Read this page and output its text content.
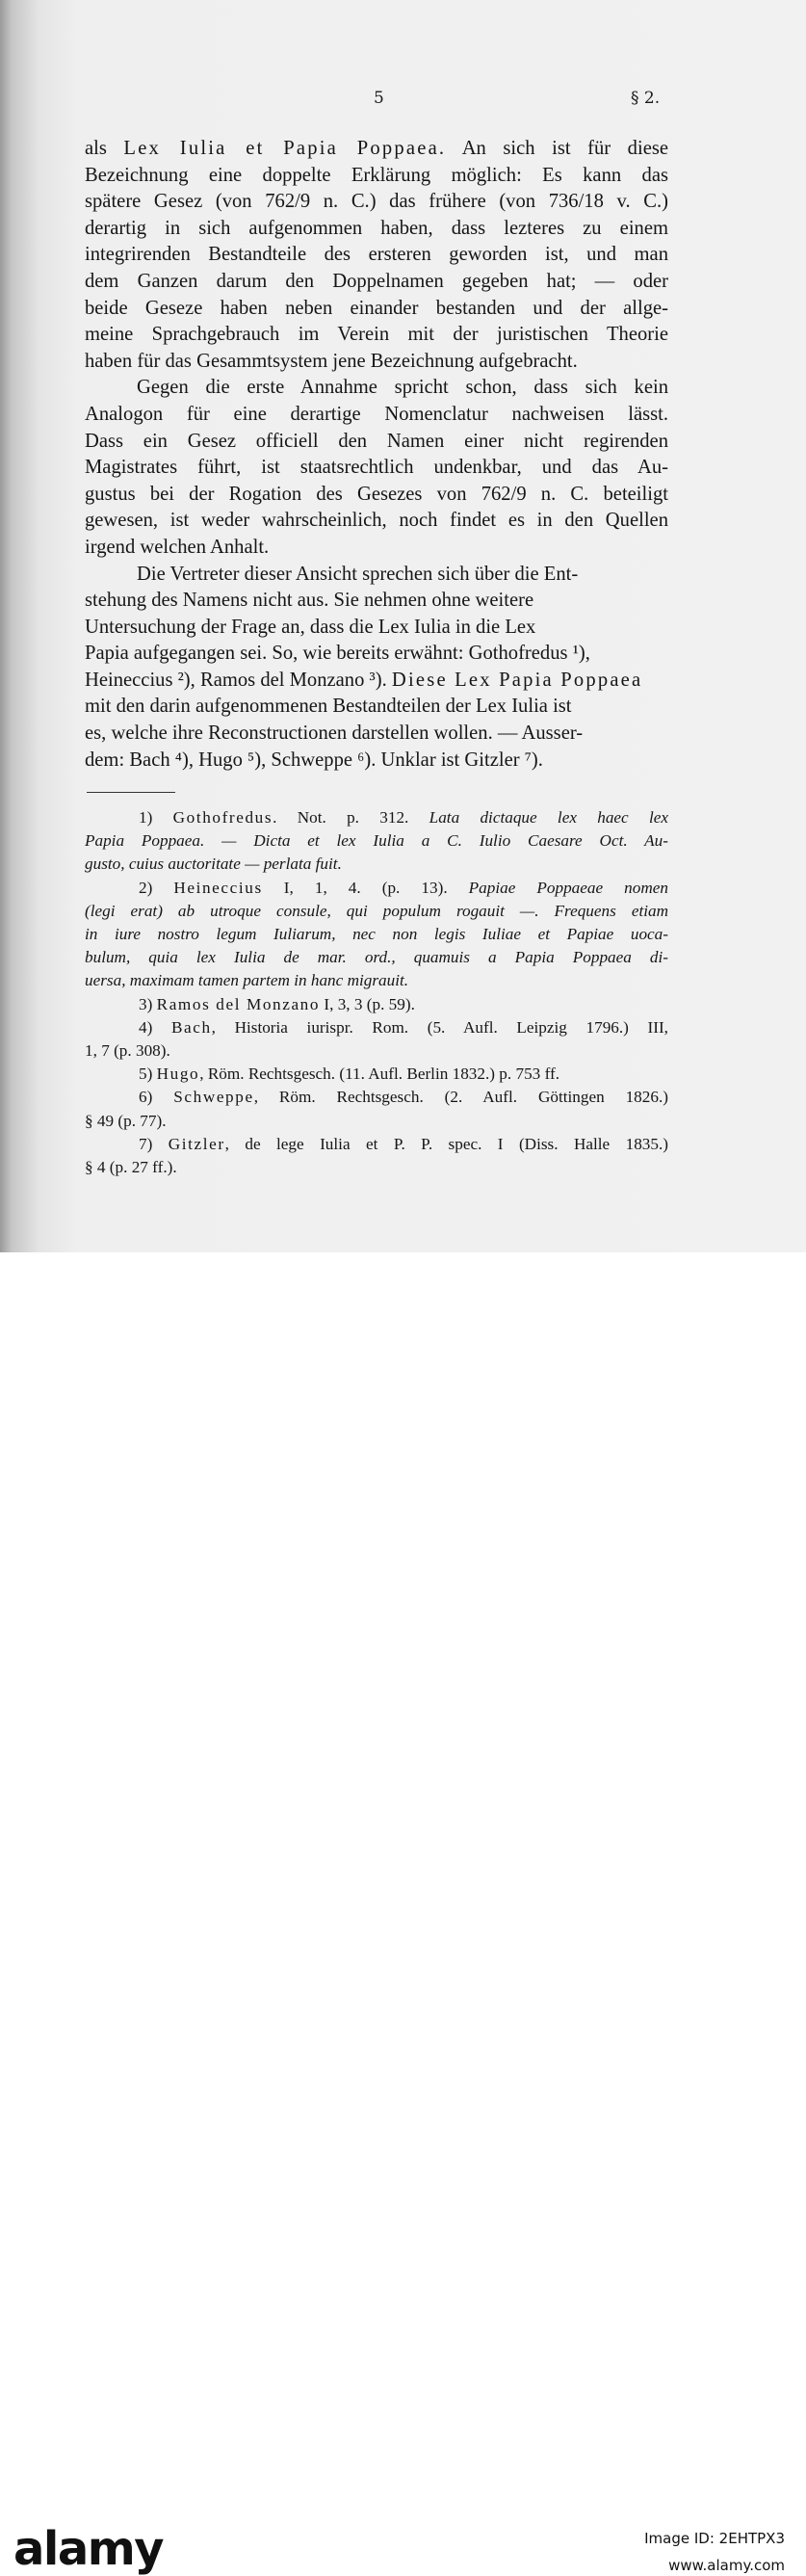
5	§ 2.
als Lex Iulia et Papia Poppaea. An sich ist für diese
Bezeichnung eine doppelte Erklärung möglich: Es kann das
spätere Gesez (von 762/9 n. C.) das frühere (von 736/18 v. C.)
derartig in sich aufgenommen haben, dass lezteres zu einem
integrirenden Bestandteile des ersteren geworden ist, und man
dem Ganzen darum den Doppelnamen gegeben hat; — oder
beide Geseze haben neben einander bestanden und der allge-
meine Sprachgebrauch im Verein mit der juristischen Theorie
haben für das Gesammtsystem jene Bezeichnung aufgebracht.
Gegen die erste Annahme spricht schon, dass sich kein
Analogon für eine derartige Nomenclatur nachweisen lässt.
Dass ein Gesez officiell den Namen einer nicht regirenden
Magistrates führt, ist staatsrechtlich undenkbar, und das Au-
gustus bei der Rogation des Gesezes von 762/9 n. C. beteiligt
gewesen, ist weder wahrscheinlich, noch findet es in den Quellen
irgend welchen Anhalt.
Die Vertreter dieser Ansicht sprechen sich über die Ent-
stehung des Namens nicht aus. Sie nehmen ohne weitere
Untersuchung der Frage an, dass die Lex Iulia in die Lex
Papia aufgegangen sei. So, wie bereits erwähnt: Gothofredus ¹),
Heineccius ²), Ramos del Monzano ³). Diese Lex Papia Poppaea
mit den darin aufgenommenen Bestandteilen der Lex Iulia ist
es, welche ihre Reconstructionen darstellen wollen. — Ausser-
dem: Bach ⁴), Hugo ⁵), Schweppe ⁶). Unklar ist Gitzler ⁷).
1) Gothofredus. Not. p. 312. Lata dictaque lex haec lex
Papia Poppaea. — Dicta et lex Iulia a C. Iulio Caesare Oct. Au-
gusto, cuius auctoritate — perlata fuit.
2) Heineccius I, 1, 4. (p. 13). Papiae Poppaeae nomen
(legi erat) ab utroque consule, qui populum rogauit —. Frequens etiam
in iure nostro legum Iuliarum, nec non legis Iuliae et Papiae uoca-
bulum, quia lex Iulia de mar. ord., quamuis a Papia Poppaea di-
uersa, maximam tamen partem in hanc migrauit.
3) Ramos del Monzano I, 3, 3 (p. 59).
4) Bach, Historia iurispr. Rom. (5. Aufl. Leipzig 1796.) III,
1, 7 (p. 308).
5) Hugo, Röm. Rechtsgesch. (11. Aufl. Berlin 1832.) p. 753 ff.
6) Schweppe, Röm. Rechtsgesch. (2. Aufl. Göttingen 1826.)
§ 49 (p. 77).
7) Gitzler, de lege Iulia et P. P. spec. I (Diss. Halle 1835.)
§ 4 (p. 27 ff.).
alamy	Image ID: 2EHTPX3
www.alamy.com
